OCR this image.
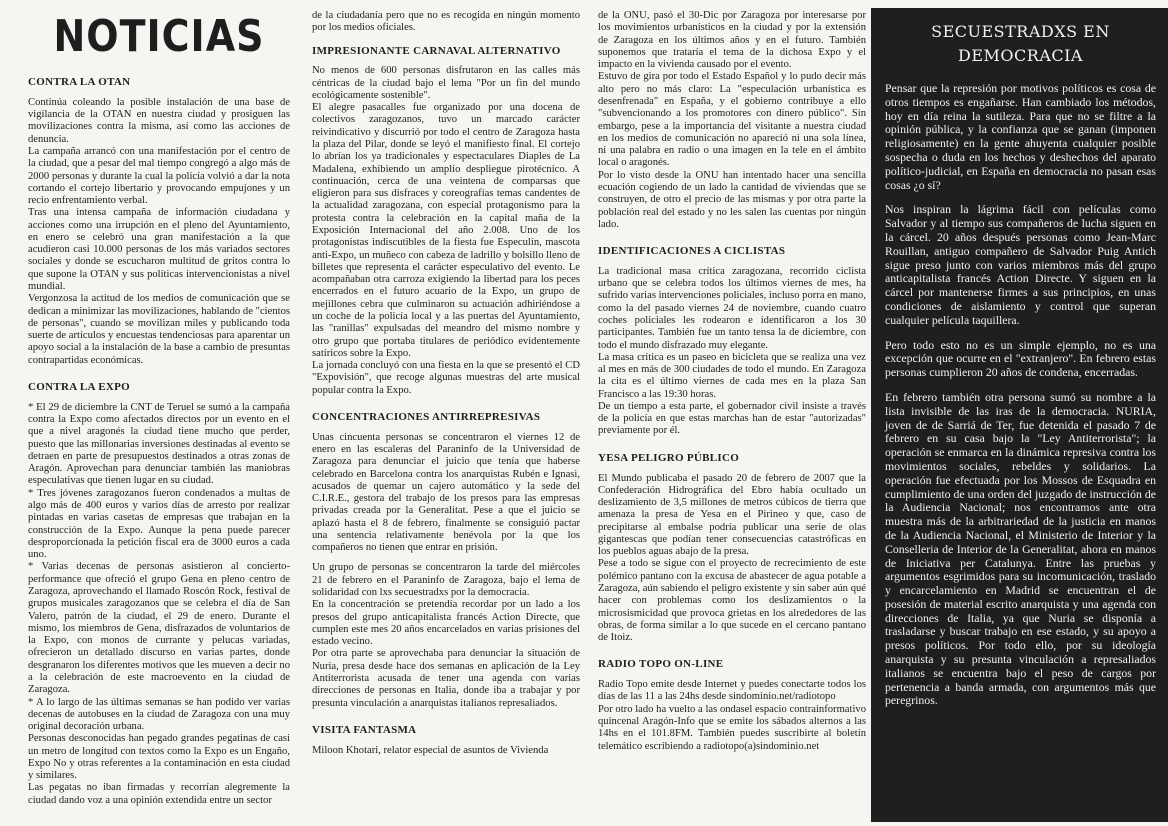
NOTICIAS
CONTRA LA OTAN

Continúa coleando la posible instalación de una base de vigilancia de la OTAN en nuestra ciudad y prosiguen las movilizaciones contra la misma, así como las acciones de denuncia.

La campaña arrancó con una manifestación por el centro de la ciudad, que a pesar del mal tiempo congregó a algo más de 2000 personas y durante la cual la policía volvió a dar la nota cortando el cortejo libertario y provocando empujones y un recio enfrentamiento verbal.

Tras una intensa campaña de información ciudadana y acciones como una irrupción en el pleno del Ayuntamiento, en enero se celebró una gran manifestación a la que acudieron casi 10.000 personas de los más variados sectores sociales y donde se escucharon multitud de gritos contra lo que supone la OTAN y sus políticas intervencionistas a nivel mundial.

Vergonzosa la actitud de los medios de comunicación que se dedican a minimizar las movilizaciones, hablando de "cientos de personas", cuando se movilizan miles y publicando toda suerte de artículos y encuestas tendenciosas para aparentar un apoyo social a la instalación de la base a cambio de presuntas contrapartidas económicas.

CONTRA LA EXPO

* El 29 de diciembre la CNT de Teruel se sumó a la campaña contra la Expo como afectados directos por un evento en el que a nivel aragonés la ciudad tiene mucho que perder, puesto que las millonarias inversiones destinadas al evento se detraen en parte de presupuestos destinados a otras zonas de Aragón. Aprovechan para denunciar también las maniobras especulativas que tienen lugar en su ciudad.

* Tres jóvenes zaragozanos fueron condenados a multas de algo más de 400 euros y varios días de arresto por realizar pintadas en varias casetas de empresas que trabajan en la construcción de la Expo. Aunque la pena puede parecer desproporcionada la petición fiscal era de 3000 euros a cada uno.

* Varias decenas de personas asistieron al concierto-performance que ofreció el grupo Gena en pleno centro de Zaragoza, aprovechando el llamado Roscón Rock, festival de grupos musicales zaragozanos que se celebra el día de San Valero, patrón de la ciudad, el 29 de enero. Durante el mismo, los miembros de Gena, disfrazados de voluntarios de la Expo, con monos de currante y pelucas variadas, ofrecieron un detallado discurso en varias partes, donde desgranaron los diferentes motivos que les mueven a decir no a la celebración de este macroevento en la ciudad de Zaragoza.

* A lo largo de las últimas semanas se han podido ver varias decenas de autobuses en la ciudad de Zaragoza con una muy original decoración urbana.

Personas desconocidas han pegado grandes pegatinas de casi un metro de longitud con textos como la Expo es un Engaño, Expo No y otras referentes a la contaminación en esta ciudad y similares.

Las pegatas no iban firmadas y recorrían alegremente la ciudad dando voz a una opinión extendida entre un sector

de la ciudadanía pero que no es recogida en ningún momento por los medios oficiales.

IMPRESIONANTE CARNAVAL ALTERNATIVO

No menos de 600 personas disfrutaron en las calles más céntricas de la ciudad bajo el lema "Por un fin del mundo ecológicamente sostenible".

El alegre pasacalles fue organizado por una docena de colectivos zaragozanos, tuvo un marcado carácter reivindicativo y discurrió por todo el centro de Zaragoza hasta la plaza del Pilar, donde se leyó el manifiesto final. El cortejo lo abrían los ya tradicionales y espectaculares Diaples de La Madalena, exhibiendo un amplio despliegue pirotécnico. A continuación, cerca de una veintena de comparsas que eligieron para sus disfraces y coreografías temas candentes de la actualidad zaragozana, con especial protagonismo para la protesta contra la celebración en la capital maña de la Exposición Internacional del año 2.008. Uno de los protagonistas indiscutibles de la fiesta fue Especulín, mascota anti-Expo, un muñeco con cabeza de ladrillo y bolsillo lleno de billetes que representa el carácter especulativo del evento. Le acompañaban otra carroza exigiendo la libertad para los peces encerrados en el futuro acuario de la Expo, un grupo de mejillones cebra que culminaron su actuación adhiriéndose a un coche de la policía local y a las puertas del Ayuntamiento, las "ranillas" expulsadas del meandro del mismo nombre y otro grupo que portaba titulares de periódico evidentemente satíricos sobre la Expo.

La jornada concluyó con una fiesta en la que se presentó el CD "Expovisión", que recoge algunas muestras del arte musical popular contra la Expo.

CONCENTRACIONES ANTIRREPRESIVAS

Unas cincuenta personas se concentraron el viernes 12 de enero en las escaleras del Paraninfo de la Universidad de Zaragoza para denunciar el juicio que tenía que haberse celebrado en Barcelona contra los anarquistas Rubén e Ignasi, acusados de quemar un cajero automático y la sede del C.I.R.E., gestora del trabajo de los presos para las empresas privadas creada por la Generalitat. Pese a que el juicio se aplazó hasta el 8 de febrero, finalmente se consiguió pactar una sentencia relativamente benévola por la que los compañeros no tienen que entrar en prisión.

Un grupo de personas se concentraron la tarde del miércoles 21 de febrero en el Paraninfo de Zaragoza, bajo el lema de solidaridad con lxs secuestradxs por la democracia.

En la concentración se pretendía recordar por un lado a los presos del grupo anticapitalista francés Action Directe, que cumplen este mes 20 años encarcelados en varias prisiones del estado vecino.

Por otra parte se aprovechaba para denunciar la situación de Nuria, presa desde hace dos semanas en aplicación de la Ley Antiterrorista acusada de tener una agenda con varias direcciones de personas en Italia, donde iba a trabajar y por presunta vinculación a anarquistas italianos represaliados.

VISITA FANTASMA

Miloon Khotari, relator especial de asuntos de Vivienda

de la ONU, pasó el 30-Dic por Zaragoza por interesarse por los movimientos urbanísticos en la ciudad y por la extensión de Zaragoza en los últimos años y en el futuro. También suponemos que trataría el tema de la dichosa Expo y el impacto en la vivienda causado por el evento.

Estuvo de gira por todo el Estado Español y lo pudo decir más alto pero no más claro: La "especulación urbanística es desenfrenada" en España, y el gobierno contribuye a ello "subvencionando a los promotores con dinero público". Sin embargo, pese a la importancia del visitante a nuestra ciudad en los medios de comunicación no apareció ni una sola línea, ni una palabra en radio o una imagen en la tele en el ámbito local o aragonés.

Por lo visto desde la ONU han intentado hacer una sencilla ecuación cogiendo de un lado la cantidad de viviendas que se construyen, de otro el precio de las mismas y por otra parte la población real del estado y no les salen las cuentas por ningún lado.

IDENTIFICACIONES A CICLISTAS

La tradicional masa crítica zaragozana, recorrido ciclista urbano que se celebra todos los últimos viernes de mes, ha sufrido varias intervenciones policiales, incluso porra en mano, como la del pasado viernes 24 de noviembre, cuando cuatro coches policiales les rodearon e identificaron a los 30 participantes. También fue un tanto tensa la de diciembre, con todo el mundo disfrazado muy elegante.

La masa crítica es un paseo en bicicleta que se realiza una vez al mes en más de 300 ciudades de todo el mundo. En Zaragoza la cita es el último viernes de cada mes en la plaza San Francisco a las 19:30 horas.

De un tiempo a esta parte, el gobernador civil insiste a través de la policía en que estas marchas han de estar "autorizadas" previamente por él.

YESA PELIGRO PÚBLICO

El Mundo publicaba el pasado 20 de febrero de 2007 que la Confederación Hidrográfica del Ebro había ocultado un deslizamiento de 3,5 millones de metros cúbicos de tierra que amenaza la presa de Yesa en el Pirineo y que, caso de precipitarse al embalse podría publicar una serie de olas gigantescas que podían tener consecuencias catastróficas en los pueblos aguas abajo de la presa.

Pese a todo se sigue con el proyecto de recrecimiento de este polémico pantano con la excusa de abastecer de agua potable a Zaragoza, aún sabiendo el peligro existente y sin saber aún qué hacer con problemas como los deslizamientos o la microsismicidad que provoca grietas en los alrededores de las obras, de forma similar a lo que sucede en el cercano pantano de Itoiz.

RADIO TOPO ON-LINE

Radio Topo emite desde Internet y puedes conectarte todos los días de las 11 a las 24hs desde sindominio.net/radiotopo

Por otro lado ha vuelto a las ondasel espacio contrainformativo quincenal Aragón-Info que se emite los sábados alternos a las 14hs en el 101.8FM. También puedes suscribirte al boletín telemático escribiendo a radiotopo(a)sindominio.net

SECUESTRADXS EN
DEMOCRACIA

Pensar que la represión por motivos políticos es cosa de otros tiempos es engañarse. Han cambiado los métodos, hoy en día reina la sutileza. Para que no se filtre a la opinión pública, y la confianza que se ganan (imponen religiosamente) en la gente ahuyenta cualquier posible sospecha o duda en los hechos y deshechos del aparato político-judicial, en España en democracia no pasan esas cosas ¿o sí?

Nos inspiran la lágrima fácil con películas como Salvador y al tiempo sus compañeros de lucha siguen en la cárcel. 20 años después personas como Jean-Marc Rouillan, antiguo compañero de Salvador Puig Antich sigue preso junto con varios miembros más del grupo anticapitalista francés Action Directe. Y siguen en la cárcel por mantenerse firmes a sus principios, en unas condiciones de aislamiento y control que superan cualquier película taquillera.

Pero todo esto no es un simple ejemplo, no es una excepción que ocurre en el "extranjero". En febrero estas personas cumplieron 20 años de condena, encerradas.

En febrero también otra persona sumó su nombre a la lista invisible de las iras de la democracia. NURIA, joven de de Sarriá de Ter, fue detenida el pasado 7 de febrero en su casa bajo la "Ley Antiterrorista"; la operación se enmarca en la dinámica represiva contra los movimientos sociales, rebeldes y solidarios. La operación fue efectuada por los Mossos de Esquadra en cumplimiento de una orden del juzgado de instrucción de la Audiencia Nacional; nos encontramos ante otra muestra más de la arbitrariedad de la justicia en manos de la Audiencia Nacional, el Ministerio de Interior y la Conselleria de Interior de la Generalitat, ahora en manos de Iniciativa per Catalunya. Entre las pruebas y argumentos esgrimidos para su incomunicación, traslado y encarcelamiento en Madrid se encuentran el de posesión de material escrito anarquista y una agenda con direcciones de Italia, ya que Nuria se disponía a trasladarse y buscar trabajo en ese estado, y su apoyo a presos políticos. Por todo ello, por su ideología anarquista y su presunta vinculación a represaliados italianos se encuentra bajo el peso de cargos por pertenencia a banda armada, con argumentos más que peregrinos.
